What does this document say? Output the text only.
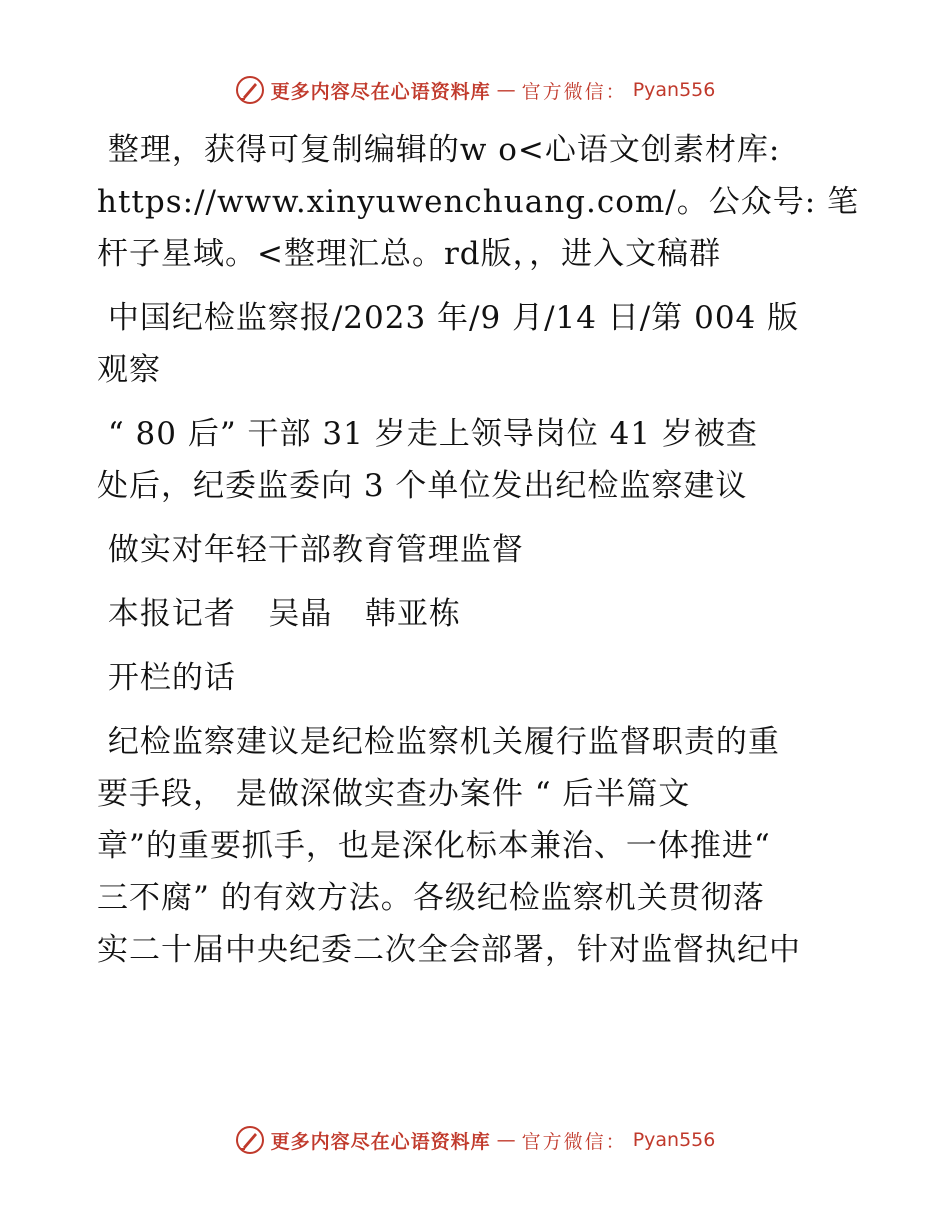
更多内容尽在心语资料库 — 官方微信： Pyan556
整理，获得可复制编辑的w o<心语文创素材库:
https://www.xinyuwenchuang.com/。公众号: 笔
杆子星域。<整理汇总。rd版，，进入文稿群
中国纪检监察报/2023 年/9 月/14 日/第 004 版
观察
“ 80 后” 干部 31 岁走上领导岗位 41 岁被查
处后，纪委监委向 3 个单位发出纪检监察建议
做实对年轻干部教育管理监督
本报记者   吴晶   韩亚栋
开栏的话
纪检监察建议是纪检监察机关履行监督职责的重
要手段， 是做深做实查办案件 “ 后半篇文
章”的重要抓手，也是深化标本兼治、一体推进“
三不腐” 的有效方法。各级纪检监察机关贯彻落
实二十届中央纪委二次全会部署，针对监督执纪中
更多内容尽在心语资料库 — 官方微信： Pyan556
